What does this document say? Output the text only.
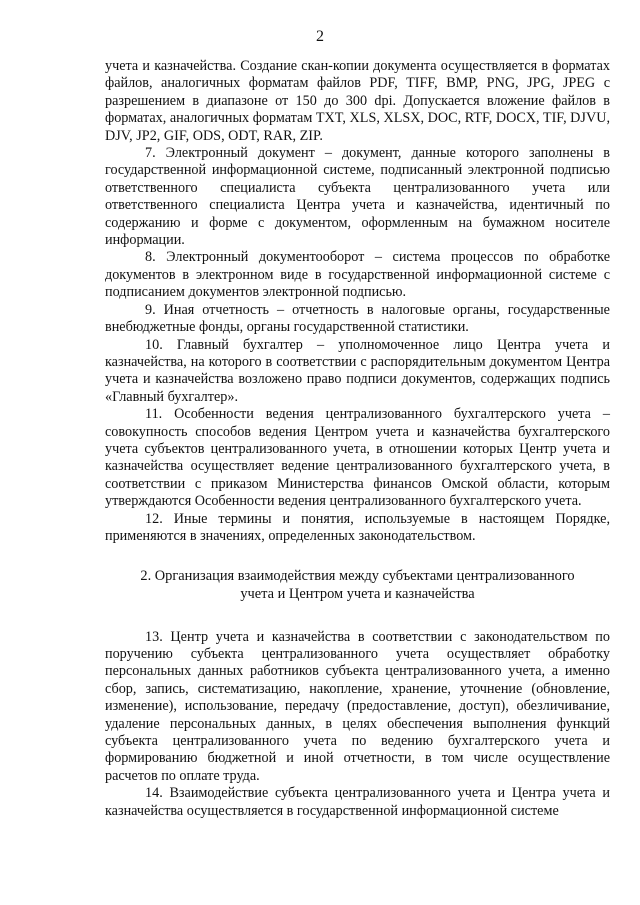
2

учета и казначейства. Создание скан-копии документа осуществляется в форматах файлов, аналогичных форматам файлов PDF, TIFF, BMP, PNG, JPG, JPEG с разрешением в диапазоне от 150 до 300 dpi. Допускается вложение файлов в форматах, аналогичных форматам TXT, XLS, XLSX, DOC, RTF, DOCX, TIF, DJVU, DJV, JP2, GIF, ODS, ODT, RAR, ZIP.

7. Электронный документ – документ, данные которого заполнены в государственной информационной системе, подписанный электронной подписью ответственного специалиста субъекта централизованного учета или ответственного специалиста Центра учета и казначейства, идентичный по содержанию и форме с документом, оформленным на бумажном носителе информации.

8. Электронный документооборот – система процессов по обработке документов в электронном виде в государственной информационной системе с подписанием документов электронной подписью.

9. Иная отчетность – отчетность в налоговые органы, государственные внебюджетные фонды, органы государственной статистики.

10. Главный бухгалтер – уполномоченное лицо Центра учета и казначейства, на которого в соответствии с распорядительным документом Центра учета и казначейства возложено право подписи документов, содержащих подпись «Главный бухгалтер».

11. Особенности ведения централизованного бухгалтерского учета – совокупность способов ведения Центром учета и казначейства бухгалтерского учета субъектов централизованного учета, в отношении которых Центр учета и казначейства осуществляет ведение централизованного бухгалтерского учета, в соответствии с приказом Министерства финансов Омской области, которым утверждаются Особенности ведения централизованного бухгалтерского учета.

12. Иные термины и понятия, используемые в настоящем Порядке, применяются в значениях, определенных законодательством.

2. Организация взаимодействия между субъектами централизованного
учета и Центром учета и казначейства

13. Центр учета и казначейства в соответствии с законодательством по поручению субъекта централизованного учета осуществляет обработку персональных данных работников субъекта централизованного учета, а именно сбор, запись, систематизацию, накопление, хранение, уточнение (обновление, изменение), использование, передачу (предоставление, доступ), обезличивание, удаление персональных данных, в целях обеспечения выполнения функций субъекта централизованного учета по ведению бухгалтерского учета и формированию бюджетной и иной отчетности, в том числе осуществление расчетов по оплате труда.

14. Взаимодействие субъекта централизованного учета и Центра учета и казначейства осуществляется в государственной информационной системе
